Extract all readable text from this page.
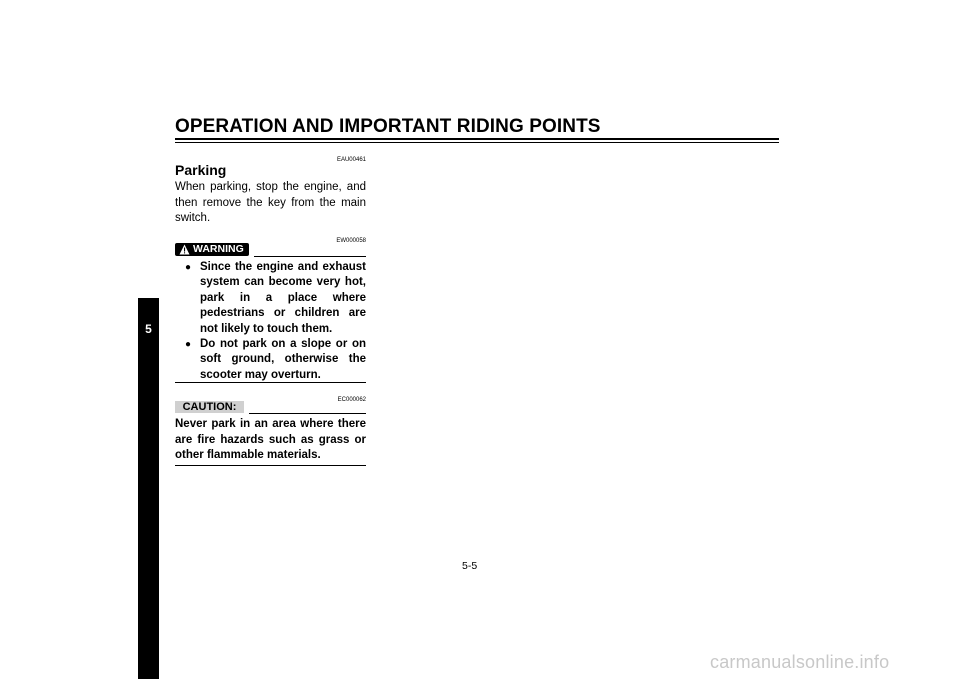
OPERATION AND IMPORTANT RIDING POINTS
5
EAU00461
Parking
When parking, stop the engine, and then remove the key from the main switch.
EW000058
WARNING

● Since the engine and exhaust system can become very hot, park in a place where pedestrians or children are not likely to touch them.

● Do not park on a slope or on soft ground, otherwise the scooter may overturn.

EC000062
CAUTION:
Never park in an area where there are fire hazards such as grass or other flammable materials.
5-5
carmanualsonline.info
